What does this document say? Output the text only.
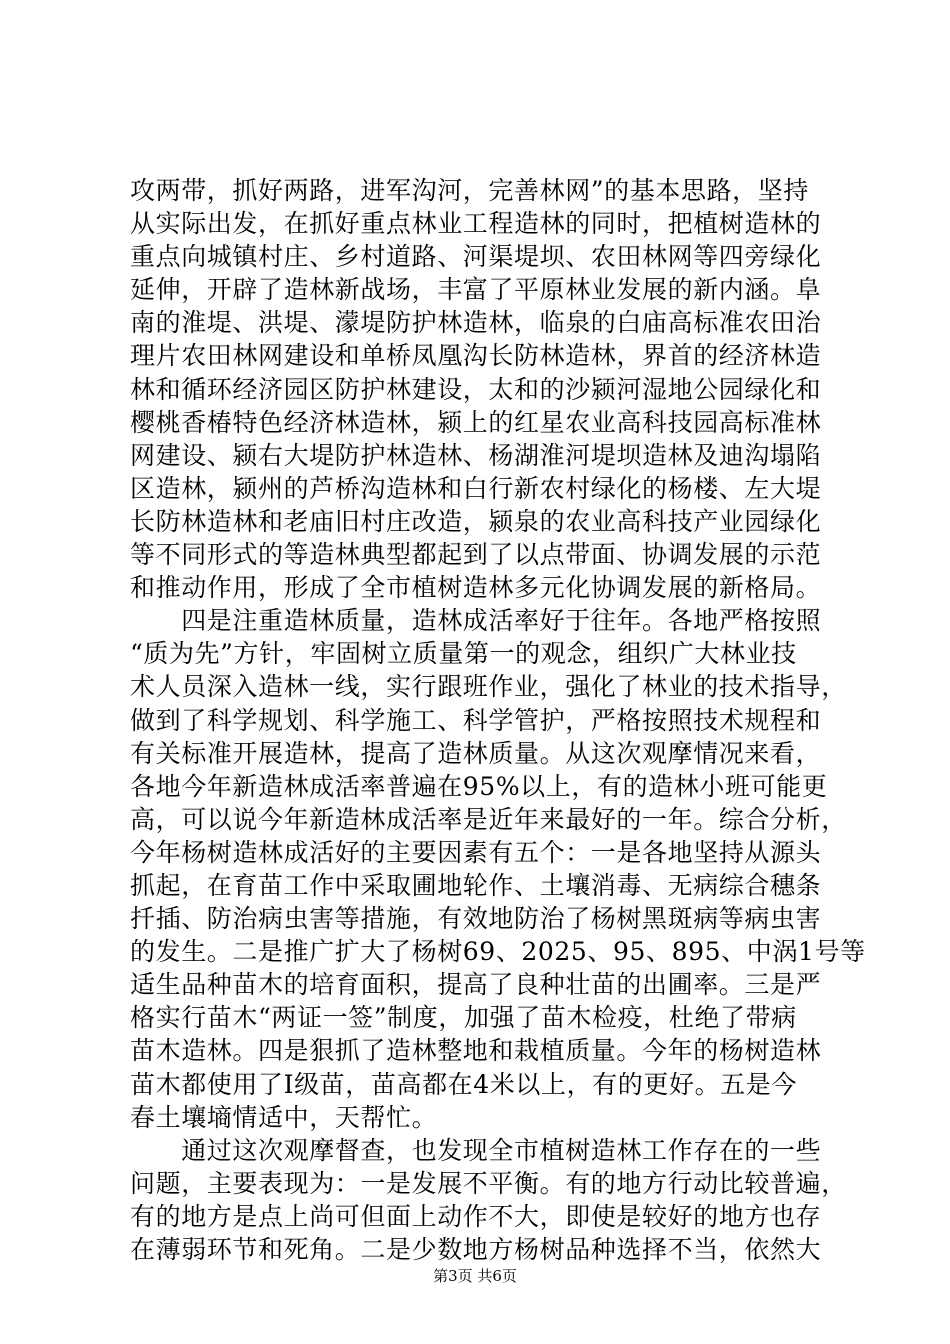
攻两带，抓好两路，进军沟河，完善林网”的基本思路，坚持
从实际出发，在抓好重点林业工程造林的同时，把植树造林的
重点向城镇村庄、乡村道路、河渠堤坝、农田林网等四旁绿化
延伸，开辟了造林新战场，丰富了平原林业发展的新内涵。阜
南的淮堤、洪堤、濛堤防护林造林，临泉的白庙高标准农田治
理片农田林网建设和单桥凤凰沟长防林造林，界首的经济林造
林和循环经济园区防护林建设，太和的沙颍河湿地公园绿化和
樱桃香椿特色经济林造林，颍上的红星农业高科技园高标准林
网建设、颍右大堤防护林造林、杨湖淮河堤坝造林及迪沟塌陷
区造林，颍州的芦桥沟造林和白行新农村绿化的杨楼、左大堤
长防林造林和老庙旧村庄改造，颍泉的农业高科技产业园绿化
等不同形式的等造林典型都起到了以点带面、协调发展的示范
和推动作用，形成了全市植树造林多元化协调发展的新格局。
　　四是注重造林质量，造林成活率好于往年。各地严格按照
“质为先”方针，牢固树立质量第一的观念，组织广大林业技
术人员深入造林一线，实行跟班作业，强化了林业的技术指导，
做到了科学规划、科学施工、科学管护，严格按照技术规程和
有关标准开展造林，提高了造林质量。从这次观摩情况来看，
各地今年新造林成活率普遍在95%以上，有的造林小班可能更
高，可以说今年新造林成活率是近年来最好的一年。综合分析，
今年杨树造林成活好的主要因素有五个：一是各地坚持从源头
抓起，在育苗工作中采取圃地轮作、土壤消毒、无病综合穗条
扦插、防治病虫害等措施，有效地防治了杨树黑斑病等病虫害
的发生。二是推广扩大了杨树69、2025、95、895、中涡1号等
适生品种苗木的培育面积，提高了良种壮苗的出圃率。三是严
格实行苗木“两证一签”制度，加强了苗木检疫，杜绝了带病
苗木造林。四是狠抓了造林整地和栽植质量。今年的杨树造林
苗木都使用了Ⅰ级苗，苗高都在4米以上，有的更好。五是今
春土壤墒情适中，天帮忙。
　　通过这次观摩督查，也发现全市植树造林工作存在的一些
问题，主要表现为：一是发展不平衡。有的地方行动比较普遍，
有的地方是点上尚可但面上动作不大，即使是较好的地方也存
在薄弱环节和死角。二是少数地方杨树品种选择不当，依然大
第3页 共6页
